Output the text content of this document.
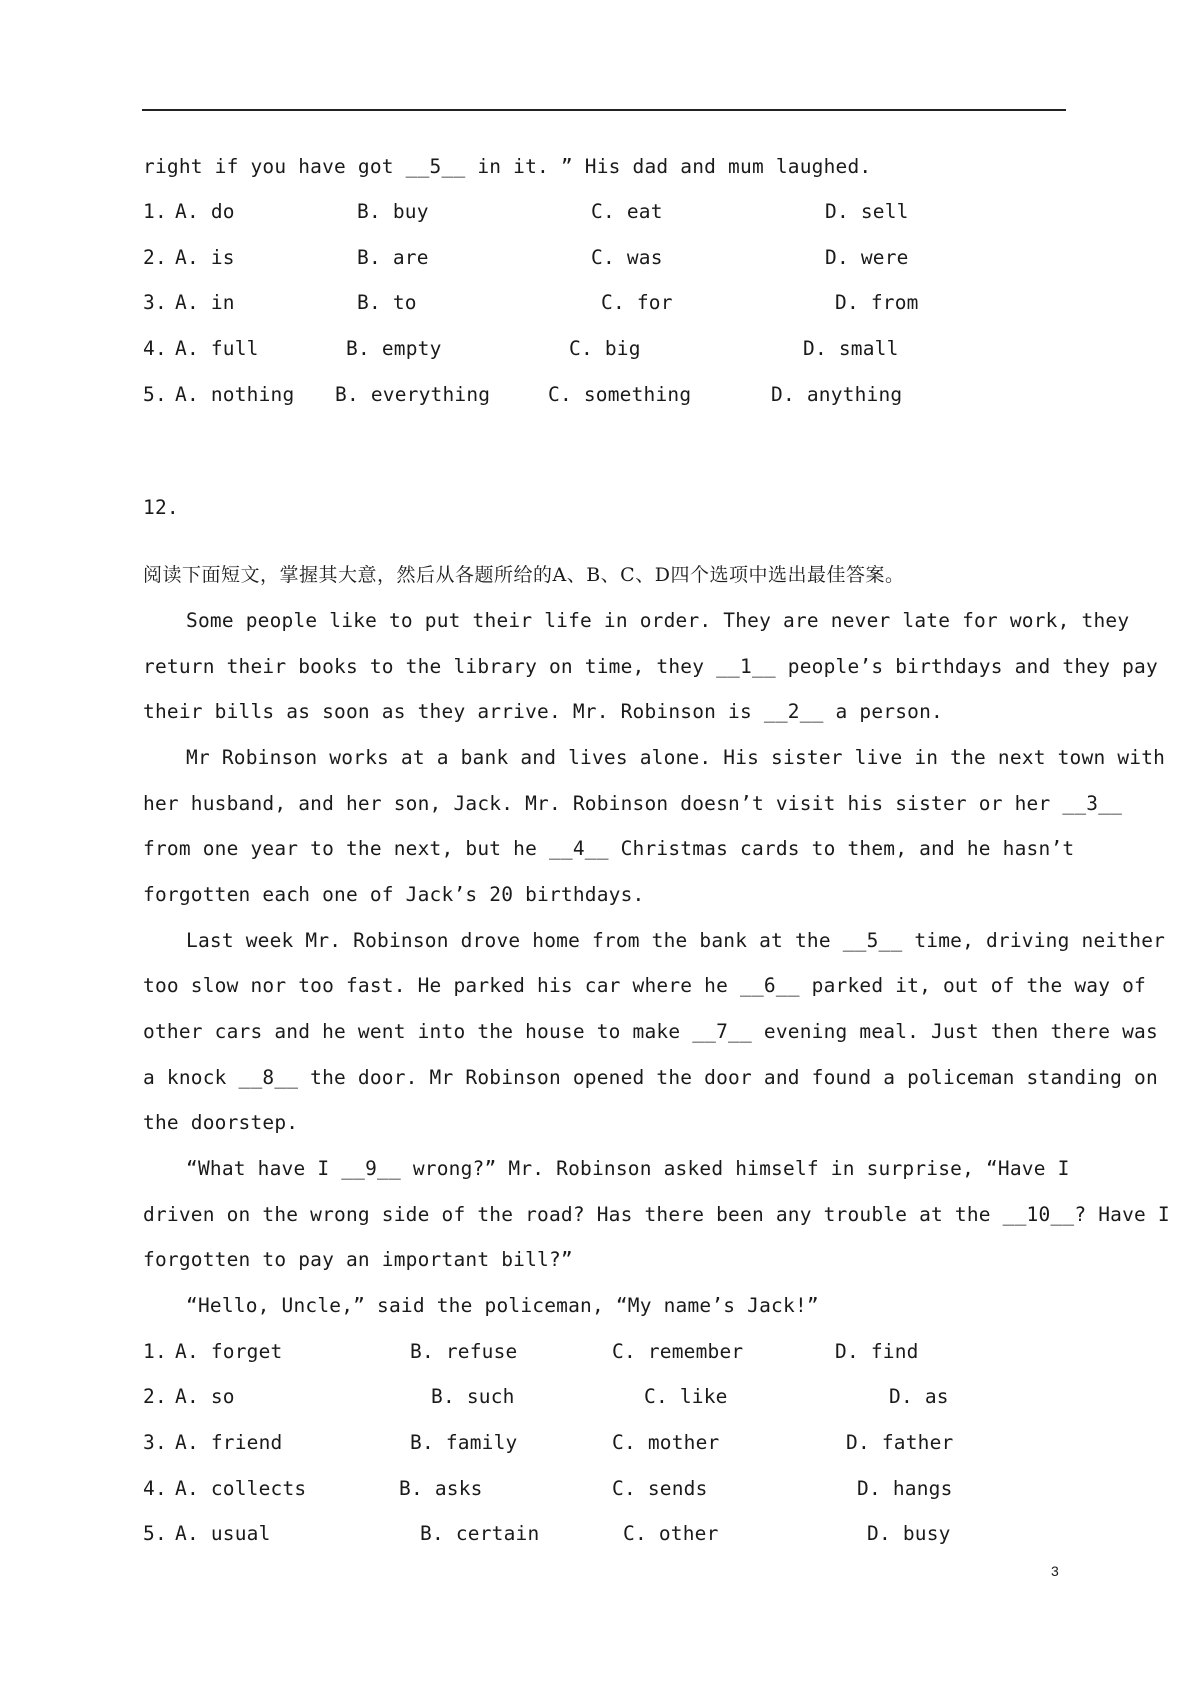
right if you have got __5__ in it. ” His dad and mum laughed.
1. A. do	B. buy	C. eat	D. sell
2. A. is	B. are	C. was	D. were
3. A. in	B. to	C. for	D. from
4. A. full	B. empty	C. big	D. small
5. A. nothing B. everything	C. something	D. anything
12.
阅读下面短文，掌握其大意，然后从各题所给的A、B、C、D四个选项中选出最佳答案。
Some people like to put their life in order. They are never late for work, they
return their books to the library on time, they __1__ people’s birthdays and they pay
their bills as soon as they arrive. Mr. Robinson is __2__ a person.
Mr Robinson works at a bank and lives alone. His sister live in the next town with
her husband, and her son, Jack. Mr. Robinson doesn’t visit his sister or her __3__
from one year to the next, but he __4__ Christmas cards to them, and he hasn’t
forgotten each one of Jack’s 20 birthdays.
Last week Mr. Robinson drove home from the bank at the __5__ time, driving neither
too slow nor too fast. He parked his car where he __6__ parked it, out of the way of
other cars and he went into the house to make __7__ evening meal. Just then there was
a knock __8__ the door. Mr Robinson opened the door and found a policeman standing on
the doorstep.
“What have I __9__ wrong?” Mr. Robinson asked himself in surprise, “Have I
driven on the wrong side of the road? Has there been any trouble at the __10__? Have I
forgotten to pay an important bill?”
“Hello, Uncle,” said the policeman, “My name’s Jack!”
1. A. forget	B. refuse	C. remember	D. find
2. A. so	B. such	C. like	D. as
3. A. friend	B. family	C. mother	D. father
4. A. collects	B. asks	C. sends	D. hangs
5. A. usual	B. certain	C. other	D. busy
3
